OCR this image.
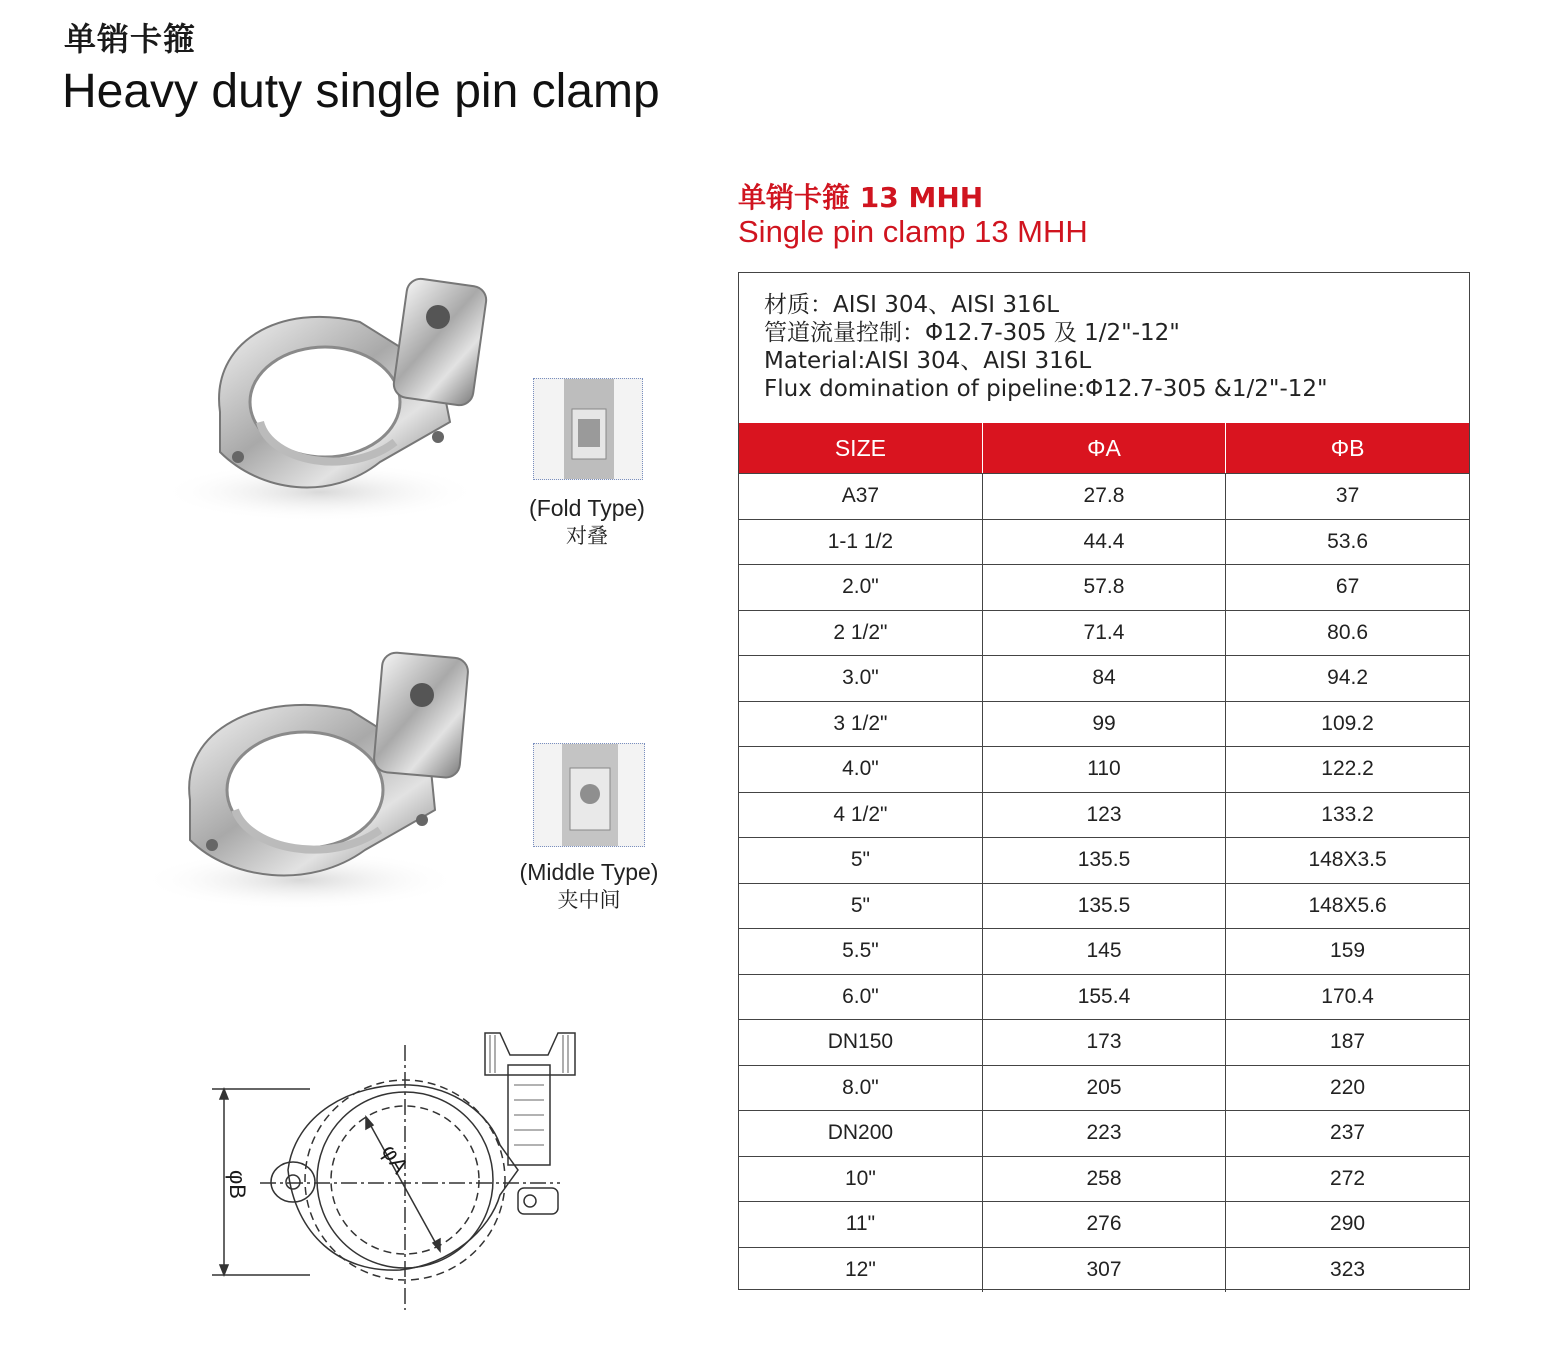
单销卡箍
Heavy duty single pin clamp
单销卡箍 13 MHH
Single pin clamp 13 MHH
(Fold Type)
对叠
(Middle Type)
夹中间
φA
φB
材质：AISI 304、AISI 316L
管道流量控制：Φ12.7-305 及 1/2"-12"
Material:AISI 304、AISI 316L
Flux domination of pipeline:Φ12.7-305 &1/2"-12"
SIZE	ΦA	ΦB
A37	27.8	37
1-1 1/2	44.4	53.6
2.0"	57.8	67
2 1/2"	71.4	80.6
3.0"	84	94.2
3 1/2"	99	109.2
4.0"	110	122.2
4 1/2"	123	133.2
5"	135.5	148X3.5
5"	135.5	148X5.6
5.5"	145	159
6.0"	155.4	170.4
DN150	173	187
8.0"	205	220
DN200	223	237
10"	258	272
11"	276	290
12"	307	323
